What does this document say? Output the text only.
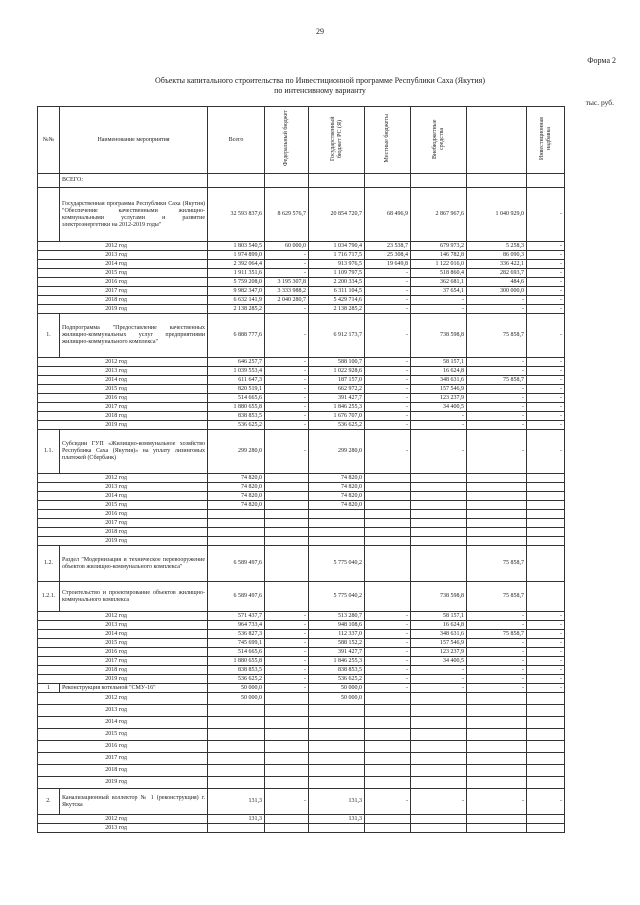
29
Форма 2
Объекты капитального строительства по Инвестиционной программе Республики Саха (Якутия)
по интенсивному варианту
тыс. руб.
№№	Наименование мероприятия	Всего	Федеральный бюджет	Государственный бюджет РС (Я)	Местные бюджеты	Внебюджетные средства		Инвестиционная надбавка
	ВСЕГО:							
	Государственная программа Республики Саха (Якутия) "Обеспечение качественными жилищно-коммунальными услугами и развитие электроэнергетики на 2012-2019 годы"	32 593 837,6	8 629 576,7	20 854 720,7	68 496,9	2 867 967,6	1 040 929,0	-
2012 год		1 803 540,5	60 000,0	1 034 790,4	23 538,7	679 973,2	5 258,3	-
2013 год		1 974 899,0	-	1 716 717,5	25 308,4	146 782,8	86 090,3	-
2014 год		2 392 064,4	-	913 976,5	19 649,8	1 122 016,0	336 422,1	-
2015 год		1 911 351,6	-	1 109 797,5	-	518 860,4	282 693,7	-
2016 год		5 759 208,0	3 195 307,8	2 200 334,5	-	362 681,1	484,6	-
2017 год		9 982 347,0	3 333 988,2	6 311 104,5	-	37 654,1	300 000,0	-
2018 год		6 632 141,9	2 040 280,7	5 429 714,6	-	-	-	-
2019 год		2 138 285,2	-	2 138 285,2	-	-	-	-
1.	Подпрограмма "Предоставление качественных жилищно-коммунальных услуг предприятиями жилищно-коммунального комплекса"	6 888 777,6	-	6 912 173,7	-	738 598,8	75 858,7	-
2012 год		646 257,7	-	588 100,7	-	58 157,1	-	-
2013 год		1 039 553,4	-	1 022 928,6	-	16 624,8	-	-
2014 год		611 647,3	-	187 157,0	-	348 631,6	75 858,7	-
2015 год		820 519,1	-	662 972,2	-	157 546,9	-	-
2016 год		514 665,6	-	391 427,7	-	123 237,9	-	-
2017 год		1 880 655,8	-	1 846 255,3	-	34 400,5	-	-
2018 год		838 853,5	-	1 676 707,0	-	-	-	-
2019 год		536 625,2	-	536 625,2	-	-	-	-
1.1.	Субсидии ГУП «Жилищно-коммунальное хозяйство Республика Саха (Якутия)» на уплату лизинговых платежей (Сбербанк)	299 280,0	-	299 280,0	-	-	-	-
2012 год		74 820,0		74 820,0				
2013 год		74 820,0		74 820,0				
2014 год		74 820,0		74 820,0				
2015 год		74 820,0		74 820,0				
2016 год								
2017 год								
2018 год								
2019 год								
1.2.	Раздел "Модернизация и техническое перевооружение объектов жилищно-коммунального комплекса"	6 589 497,6		5 775 040,2			75 858,7	
1.2.1.	Строительство и проектирование объектов жилищно-коммунального комплекса	6 589 497,6		5 775 040,2		738 598,8	75 858,7	
2012 год		571 437,7	-	513 280,7	-	58 157,1	-	-
2013 год		964 733,4	-	948 108,6	-	16 624,8	-	-
2014 год		536 827,3	-	112 337,0	-	348 631,6	75 858,7	-
2015 год		745 699,1	-	588 152,2	-	157 546,9	-	-
2016 год		514 665,6	-	391 427,7	-	123 237,9	-	-
2017 год		1 880 655,8	-	1 846 255,3	-	34 400,5	-	-
2018 год		838 853,5	-	838 853,5	-	-	-	-
2019 год		536 625,2	-	536 625,2	-	-	-	-
1	Реконструкция котельной "СМУ-16"	50 000,0	-	50 000,0	-	-	-	-
2012 год		50 000,0		50 000,0				
2013 год								
2014 год								
2015 год								
2016 год								
2017 год								
2018 год								
2019 год								
2.	Канализационный коллектор № 1 (реконструкция) г. Якутска	131,3	-	131,3	-	-	-	-
2012 год		131,3		131,3				
2013 год								
